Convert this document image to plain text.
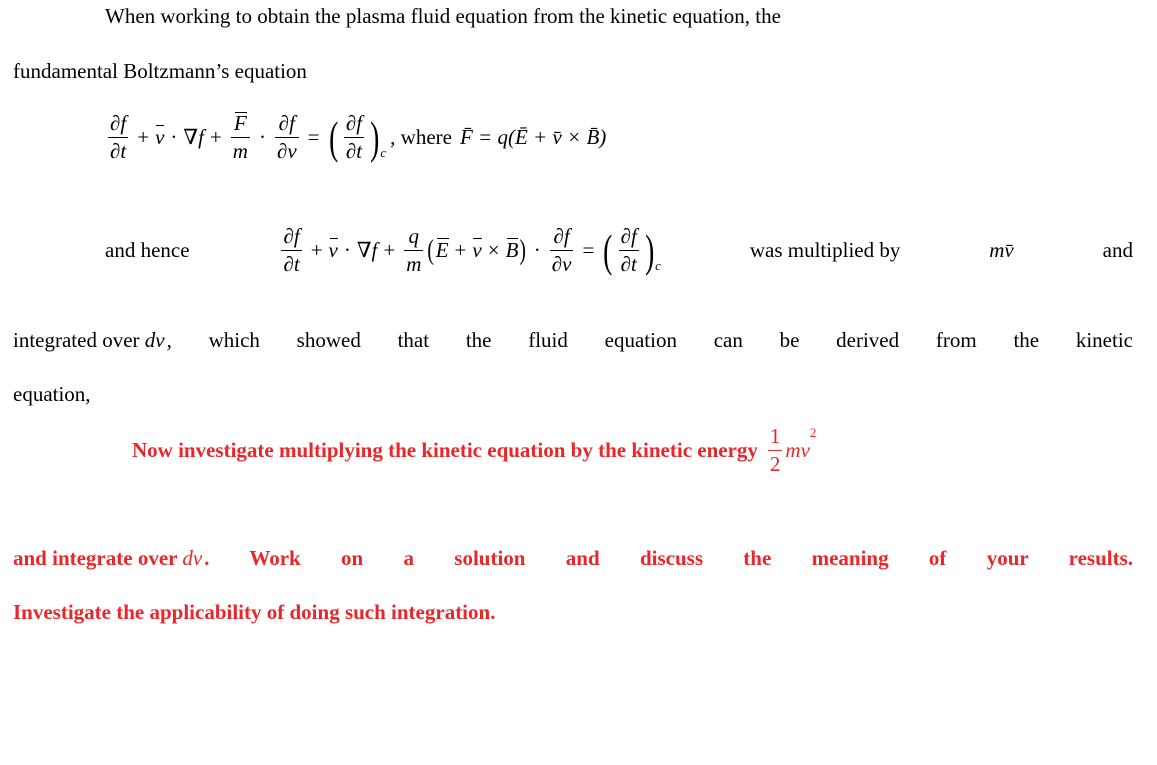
When working to obtain the plasma fluid equation from the kinetic equation, the
fundamental Boltzmann’s equation
$\frac{\partial f}{\partial t} + v$ · ∇ $f + \frac{F}{m} \cdot \frac{\partial f}{\partial v}$ = ( $\frac{\partial f}{\partial t}$ ) c
, where F̄ = q(Ē + v̄ × B̄)
and hence	$\frac{\partial f}{\partial t} + v$ · ∇ $f + \frac{q}{m}$ ( E + v × B ) · $\frac{\partial f}{\partial v}$ = ( $\frac{\partial f}{\partial t}$ ) c
was multiplied by	mv̄	and
integrated over dv , which showed that the fluid equation can be derived from the kinetic
equation,
Now investigate multiplying the kinetic equation by the kinetic energy $\frac{1}{2}$ mv
$^2$
and integrate over dv . Work on a solution and discuss the meaning of your results.
Investigate the applicability of doing such integration.
